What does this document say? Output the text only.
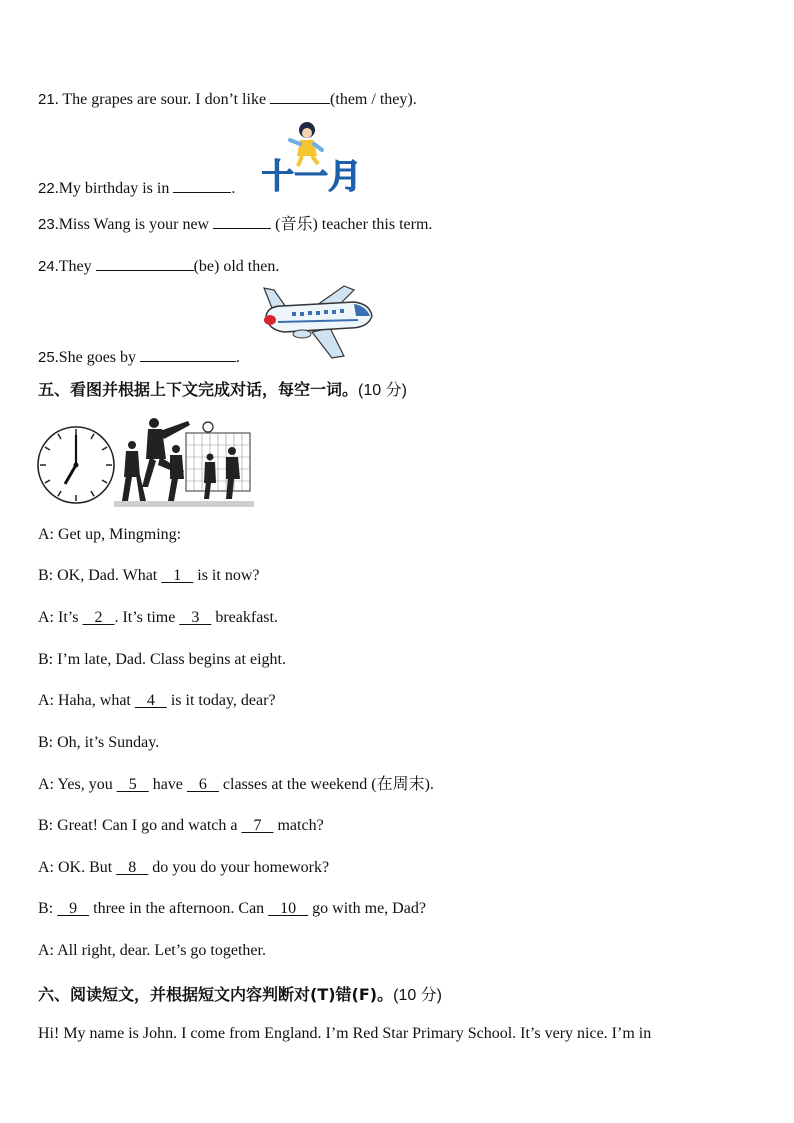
21. The grapes are sour. I don’t like	(them / they).
十一月
22.My birthday is in	.
23.Miss Wang is your new	(音乐) teacher this term.
24.They	(be) old then.
25.She goes by	.
五、看图并根据上下文完成对话，每空一词。(10 分)
A: Get up, Mingming:
B: OK, Dad. What    1    is it now?
A: It’s    2   . It’s time    3    breakfast.
B: I’m late, Dad. Class begins at eight.
A: Haha, what    4    is it today, dear?
B: Oh, it’s Sunday.
A: Yes, you    5    have    6    classes at the weekend (在周末).
B: Great! Can I go and watch a    7    match?
A: OK. But    8    do you do your homework?
B:    9    three in the afternoon. Can    10    go with me, Dad?
A: All right, dear. Let’s go together.
六、阅读短文，并根据短文内容判断对(T)错(F)。(10 分)
Hi! My name is John. I come from England. I’m Red Star Primary School. It’s very nice. I’m in
